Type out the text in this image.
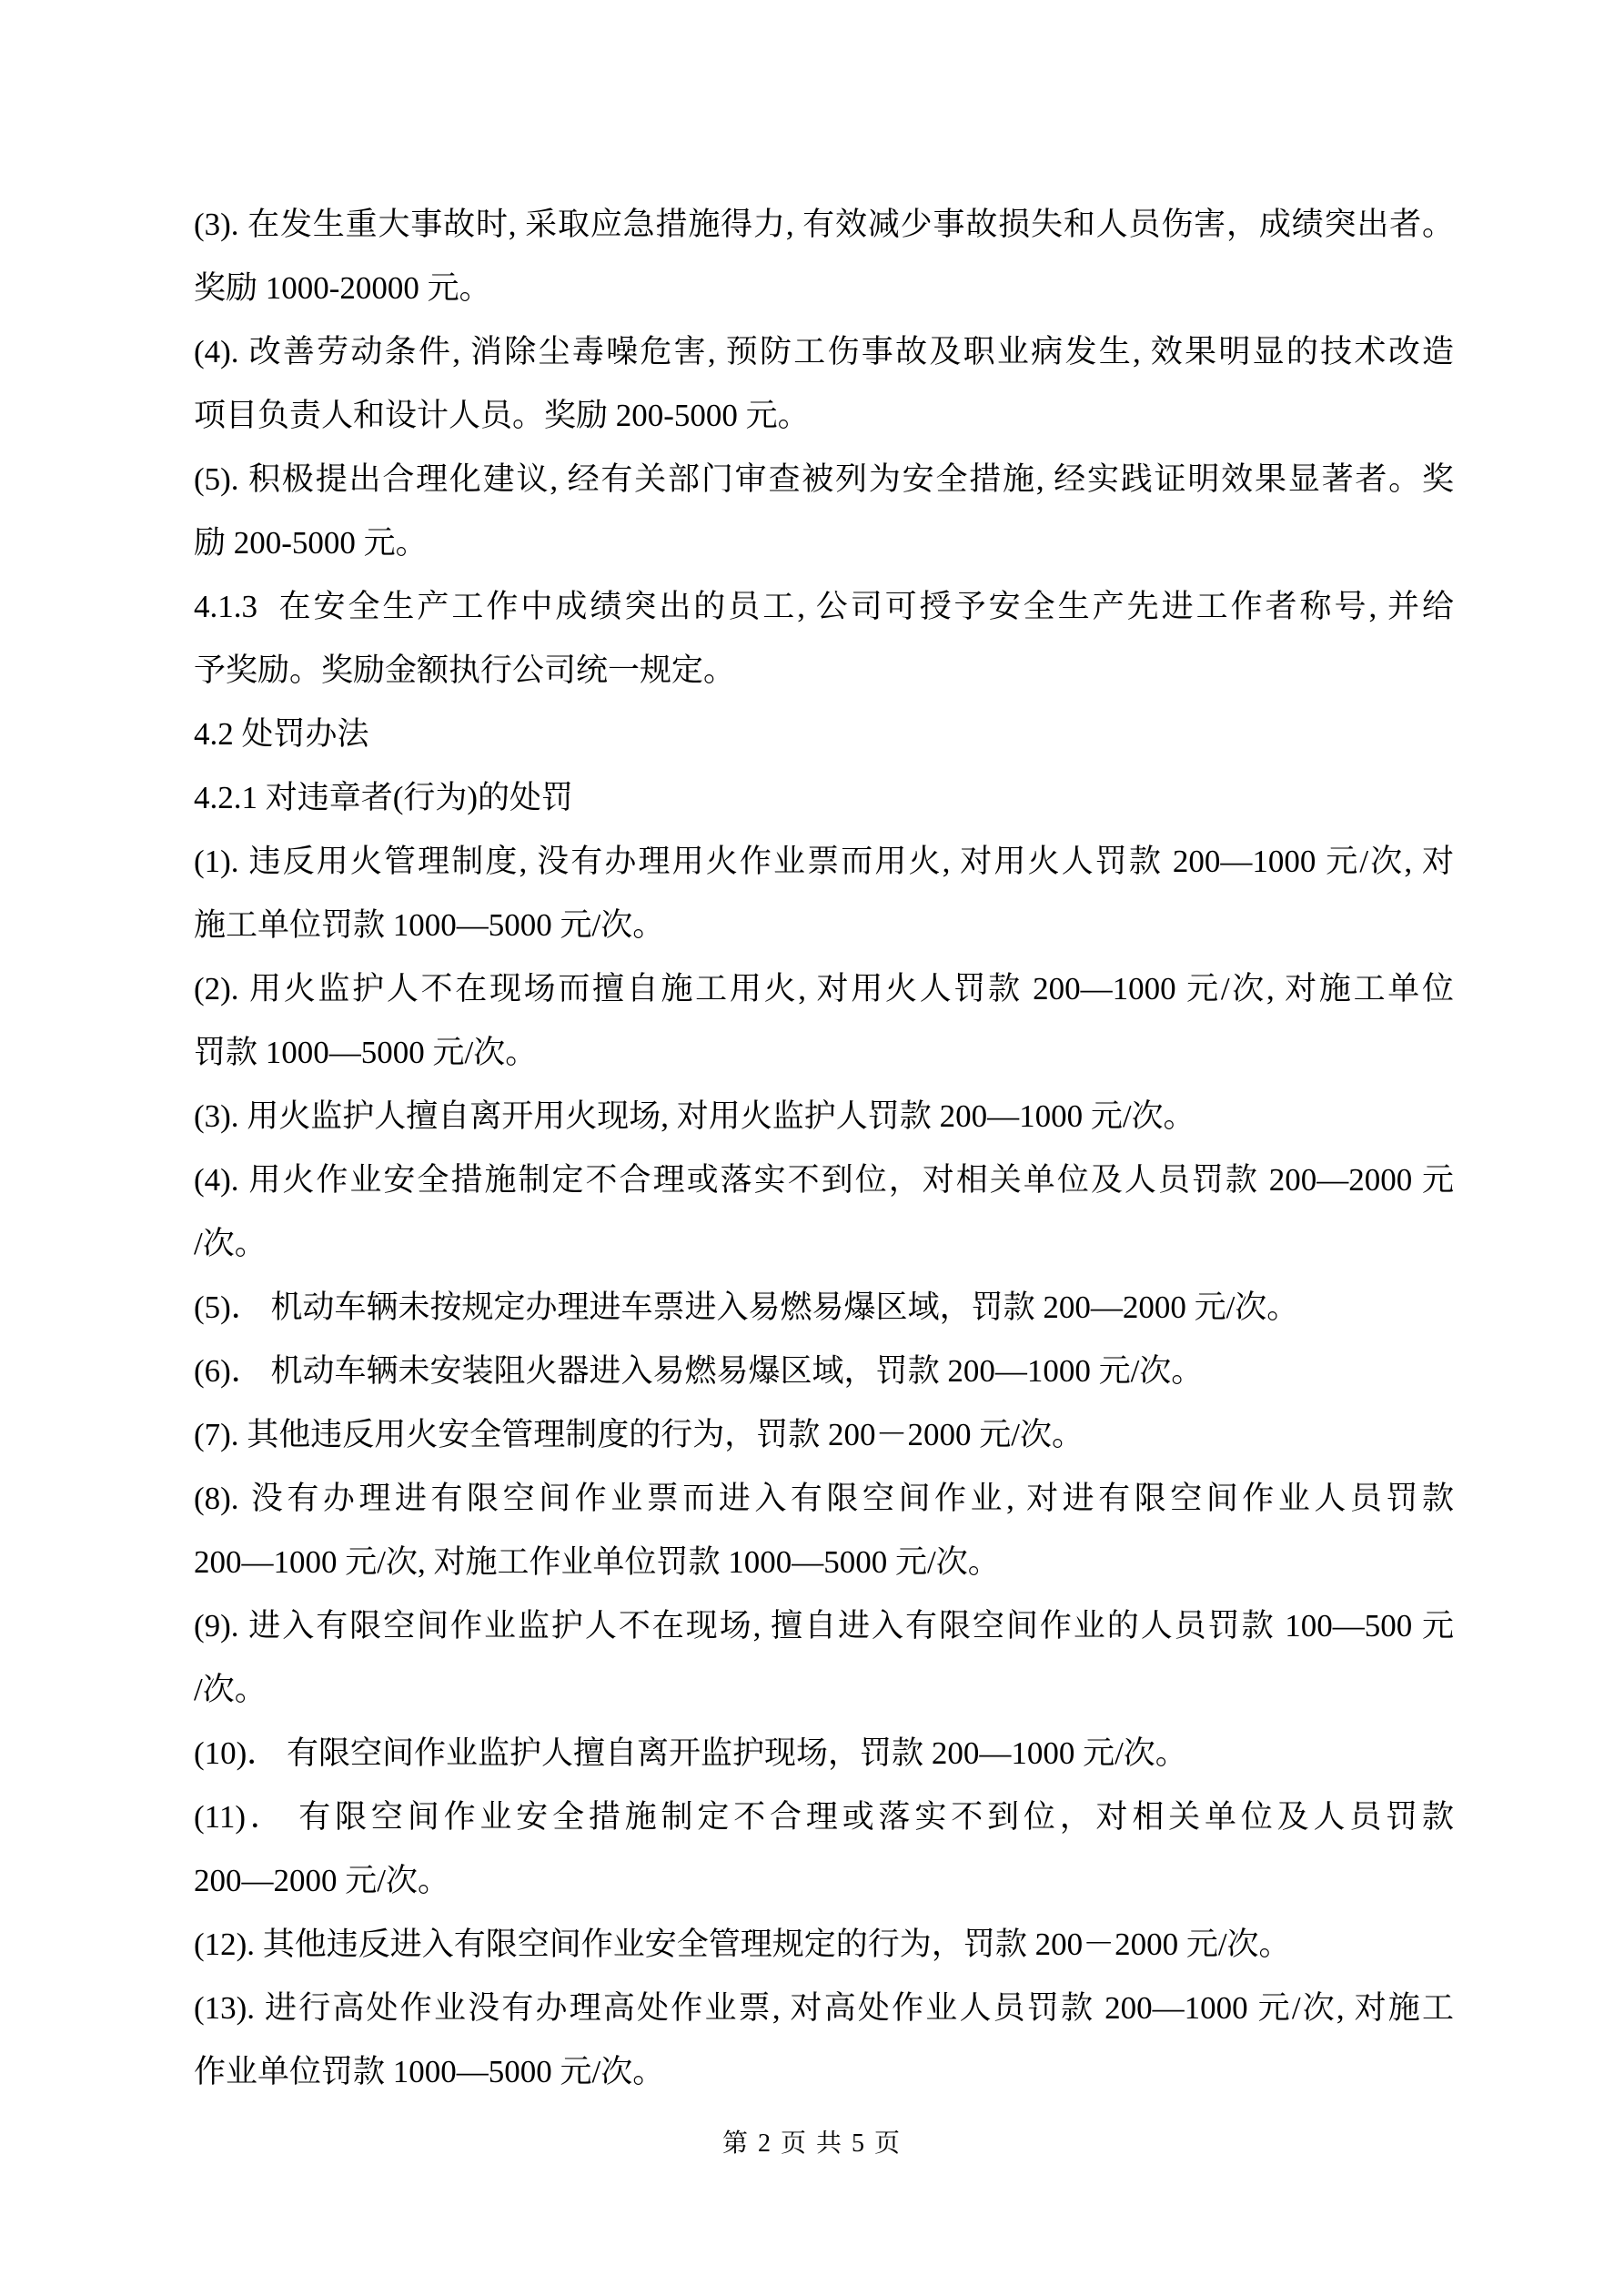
(3). 在发生重大事故时, 采取应急措施得力, 有效减少事故损失和人员伤害，成绩突出者。
奖励 1000-20000 元。
(4). 改善劳动条件, 消除尘毒噪危害, 预防工伤事故及职业病发生, 效果明显的技术改造
项目负责人和设计人员。奖励 200-5000 元。
(5). 积极提出合理化建议, 经有关部门审查被列为安全措施, 经实践证明效果显著者。奖
励 200-5000 元。
4.1.3  在安全生产工作中成绩突出的员工, 公司可授予安全生产先进工作者称号, 并给
予奖励。奖励金额执行公司统一规定。
4.2 处罚办法
4.2.1 对违章者(行为)的处罚
(1). 违反用火管理制度, 没有办理用火作业票而用火, 对用火人罚款 200—1000 元/次, 对
施工单位罚款 1000—5000 元/次。
(2). 用火监护人不在现场而擅自施工用火, 对用火人罚款 200—1000 元/次, 对施工单位
罚款 1000—5000 元/次。
(3). 用火监护人擅自离开用火现场, 对用火监护人罚款 200—1000 元/次。
(4). 用火作业安全措施制定不合理或落实不到位，对相关单位及人员罚款 200—2000 元
/次。
(5)． 机动车辆未按规定办理进车票进入易燃易爆区域，罚款 200—2000 元/次。
(6)． 机动车辆未安装阻火器进入易燃易爆区域，罚款 200—1000 元/次。
(7). 其他违反用火安全管理制度的行为，罚款 200－2000 元/次。
(8). 没有办理进有限空间作业票而进入有限空间作业, 对进有限空间作业人员罚款
200—1000 元/次, 对施工作业单位罚款 1000—5000 元/次。
(9). 进入有限空间作业监护人不在现场, 擅自进入有限空间作业的人员罚款 100—500 元
/次。
(10)． 有限空间作业监护人擅自离开监护现场，罚款 200—1000 元/次。
(11)． 有限空间作业安全措施制定不合理或落实不到位，对相关单位及人员罚款
200—2000 元/次。
(12). 其他违反进入有限空间作业安全管理规定的行为，罚款 200－2000 元/次。
(13). 进行高处作业没有办理高处作业票, 对高处作业人员罚款 200—1000 元/次, 对施工
作业单位罚款 1000—5000 元/次。
第 2 页 共 5 页
